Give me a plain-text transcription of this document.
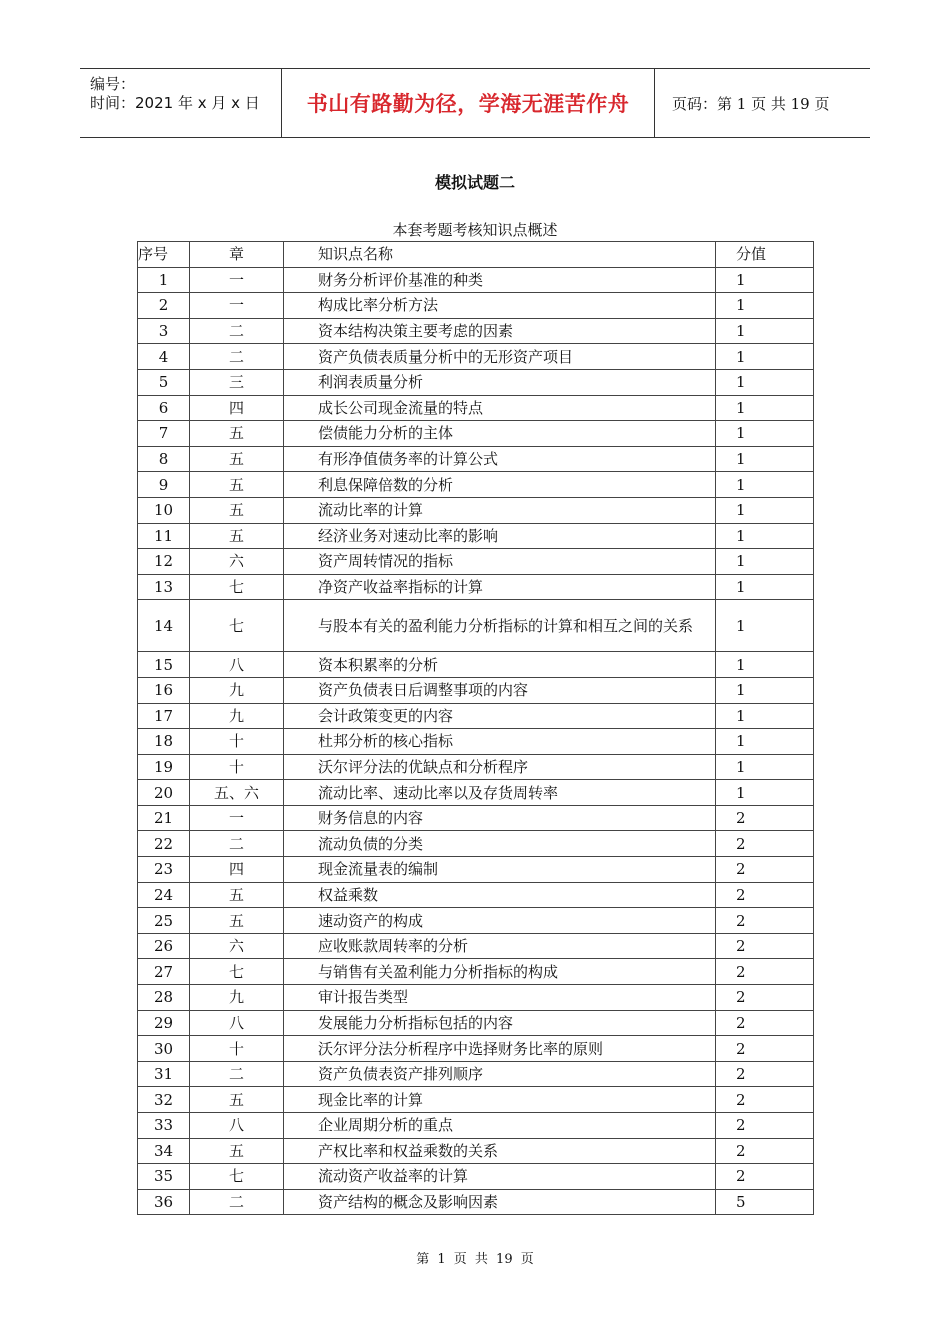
编号：
时间：2021 年 x 月 x 日	书山有路勤为径，学海无涯苦作舟	页码：第 1 页 共 19 页
模拟试题二
本套考题考核知识点概述
序号	章	知识点名称	分值
1	一	财务分析评价基准的种类	1
2	一	构成比率分析方法	1
3	二	资本结构决策主要考虑的因素	1
4	二	资产负债表质量分析中的无形资产项目	1
5	三	利润表质量分析	1
6	四	成长公司现金流量的特点	1
7	五	偿债能力分析的主体	1
8	五	有形净值债务率的计算公式	1
9	五	利息保障倍数的分析	1
10	五	流动比率的计算	1
11	五	经济业务对速动比率的影响	1
12	六	资产周转情况的指标	1
13	七	净资产收益率指标的计算	1
14	七	与股本有关的盈利能力分析指标的计算和相互之间的关系	1
15	八	资本积累率的分析	1
16	九	资产负债表日后调整事项的内容	1
17	九	会计政策变更的内容	1
18	十	杜邦分析的核心指标	1
19	十	沃尔评分法的优缺点和分析程序	1
20	五、六	流动比率、速动比率以及存货周转率	1
21	一	财务信息的内容	2
22	二	流动负债的分类	2
23	四	现金流量表的编制	2
24	五	权益乘数	2
25	五	速动资产的构成	2
26	六	应收账款周转率的分析	2
27	七	与销售有关盈利能力分析指标的构成	2
28	九	审计报告类型	2
29	八	发展能力分析指标包括的内容	2
30	十	沃尔评分法分析程序中选择财务比率的原则	2
31	二	资产负债表资产排列顺序	2
32	五	现金比率的计算	2
33	八	企业周期分析的重点	2
34	五	产权比率和权益乘数的关系	2
35	七	流动资产收益率的计算	2
36	二	资产结构的概念及影响因素	5
第 1 页 共 19 页
